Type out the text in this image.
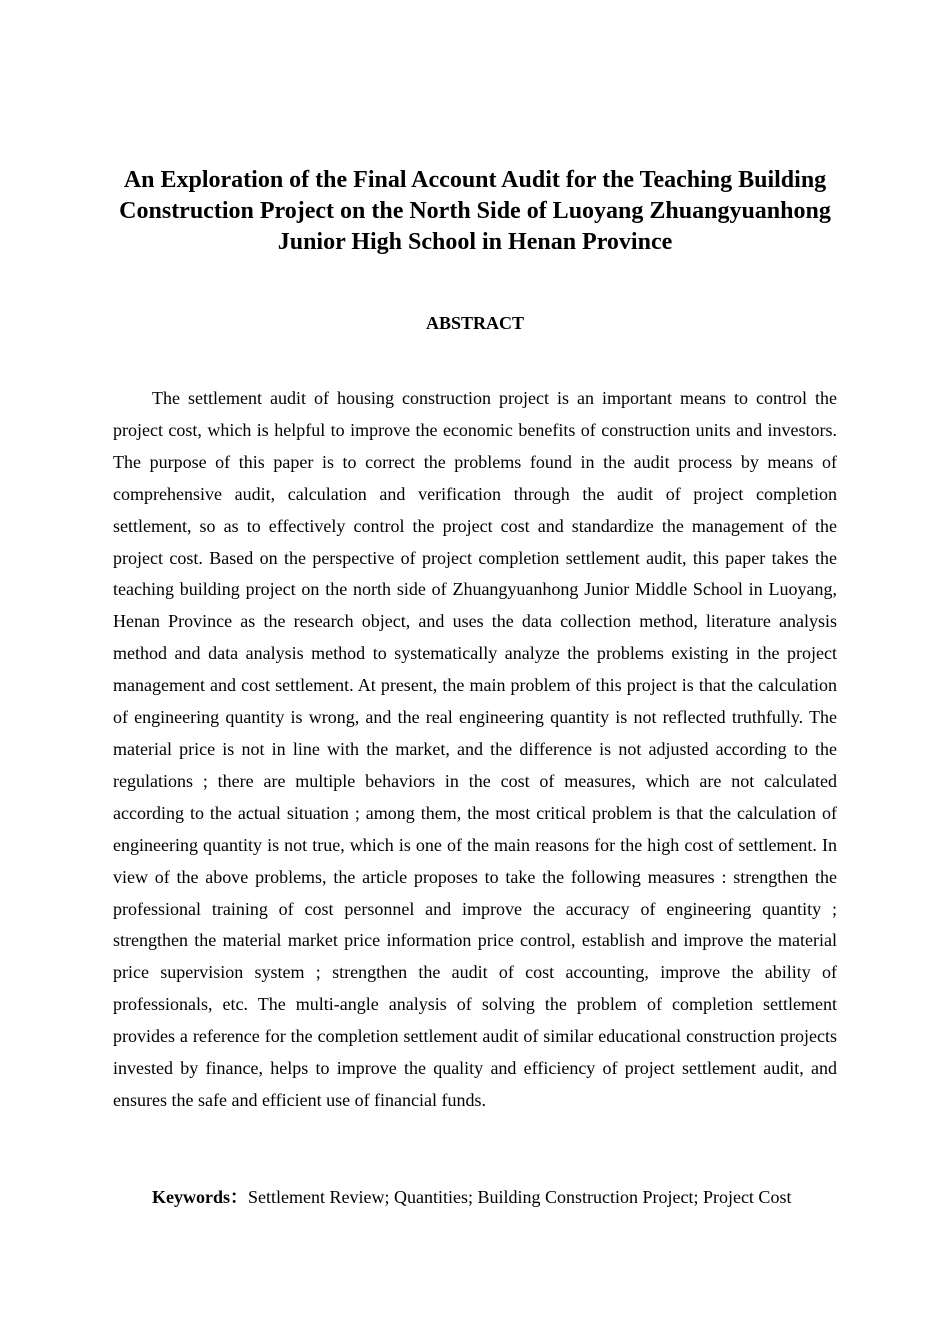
An Exploration of the Final Account Audit for the Teaching Building Construction Project on the North Side of Luoyang Zhuangyuanhong Junior High School in Henan Province
ABSTRACT

The settlement audit of housing construction project is an important means to control the project cost, which is helpful to improve the economic benefits of construction units and investors. The purpose of this paper is to correct the problems found in the audit process by means of comprehensive audit, calculation and verification through the audit of project completion settlement, so as to effectively control the project cost and standardize the management of the project cost. Based on the perspective of project completion settlement audit, this paper takes the teaching building project on the north side of Zhuangyuanhong Junior Middle School in Luoyang, Henan Province as the research object, and uses the data collection method, literature analysis method and data analysis method to systematically analyze the problems existing in the project management and cost settlement. At present, the main problem of this project is that the calculation of engineering quantity is wrong, and the real engineering quantity is not reflected truthfully. The material price is not in line with the market, and the difference is not adjusted according to the regulations ; there are multiple behaviors in the cost of measures, which are not calculated according to the actual situation ; among them, the most critical problem is that the calculation of engineering quantity is not true, which is one of the main reasons for the high cost of settlement. In view of the above problems, the article proposes to take the following measures : strengthen the professional training of cost personnel and improve the accuracy of engineering quantity ; strengthen the material market price information price control, establish and improve the material price supervision system ; strengthen the audit of cost accounting, improve the ability of professionals, etc. The multi-angle analysis of solving the problem of completion settlement provides a reference for the completion settlement audit of similar educational construction projects invested by finance, helps to improve the quality and efficiency of project settlement audit, and ensures the safe and efficient use of financial funds.

Keywords：Settlement Review; Quantities; Building Construction Project; Project Cost
